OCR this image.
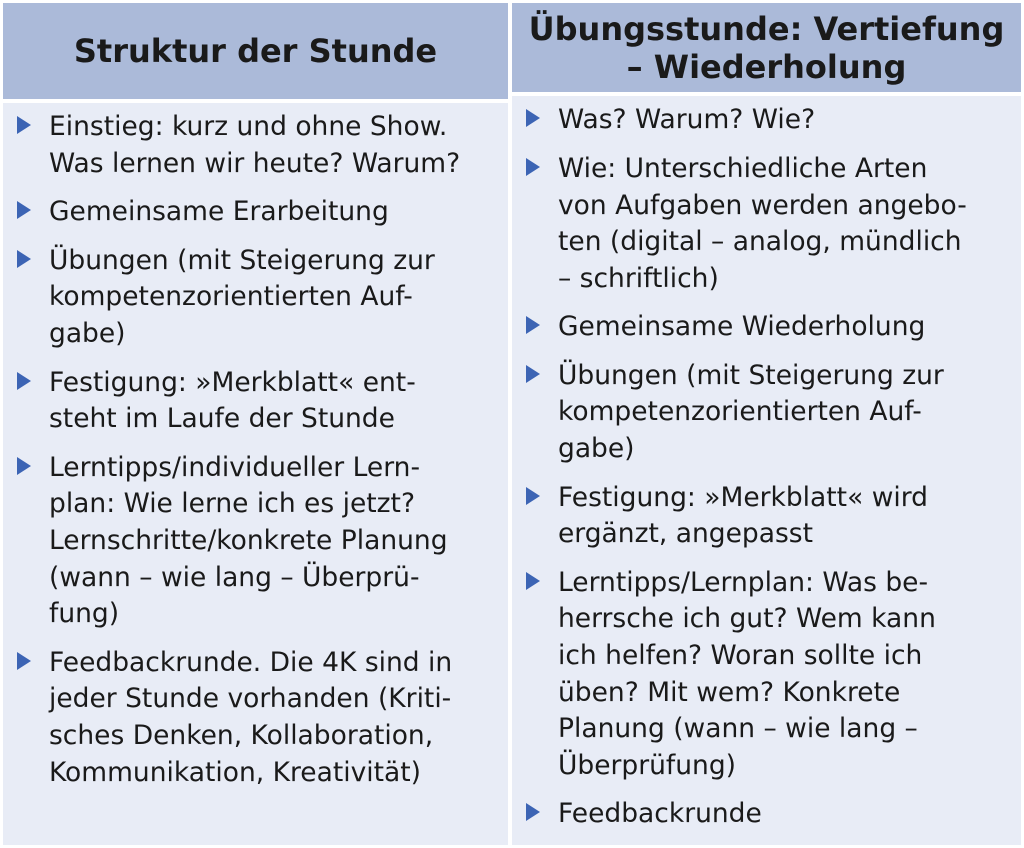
Struktur der Stunde
Einstieg: kurz und ohne Show.
Was lernen wir heute? Warum?
Gemeinsame Erarbeitung
Übungen (mit Steigerung zur
kompetenzorientierten Auf-
gabe)
Festigung: »Merkblatt« ent-
steht im Laufe der Stunde
Lerntipps/individueller Lern-
plan: Wie lerne ich es jetzt?
Lernschritte/konkrete Planung
(wann – wie lang – Überprü-
fung)
Feedbackrunde. Die 4K sind in
jeder Stunde vorhanden (Kriti-
sches Denken, Kollaboration,
Kommunikation, Kreativität)
Übungsstunde: Vertiefung
– Wiederholung
Was? Warum? Wie?
Wie: Unterschiedliche Arten
von Aufgaben werden angebo-
ten (digital – analog, mündlich
– schriftlich)
Gemeinsame Wiederholung
Übungen (mit Steigerung zur
kompetenzorientierten Auf-
gabe)
Festigung: »Merkblatt« wird
ergänzt, angepasst
Lerntipps/Lernplan: Was be-
herrsche ich gut? Wem kann
ich helfen? Woran sollte ich
üben? Mit wem? Konkrete
Planung (wann – wie lang –
Überprüfung)
Feedbackrunde
